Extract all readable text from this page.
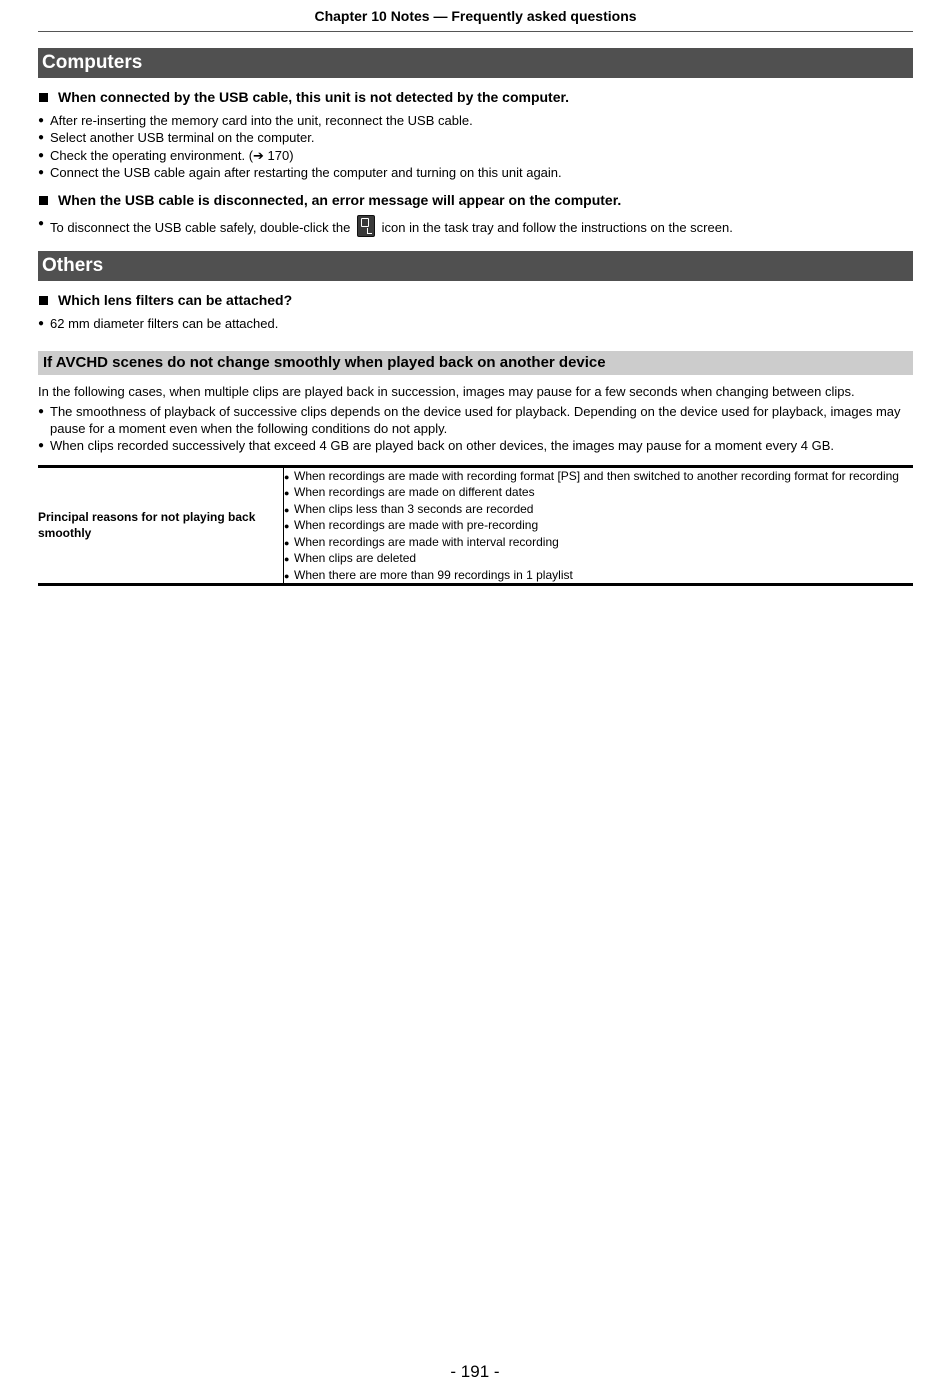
Chapter 10 Notes — Frequently asked questions
Computers
When connected by the USB cable, this unit is not detected by the computer.
● After re-inserting the memory card into the unit, reconnect the USB cable.
● Select another USB terminal on the computer.
● Check the operating environment. (➔ 170)
● Connect the USB cable again after restarting the computer and turning on this unit again.
When the USB cable is disconnected, an error message will appear on the computer.
● To disconnect the USB cable safely, double-click the icon in the task tray and follow the instructions on the screen.
Others
Which lens filters can be attached?
● 62 mm diameter filters can be attached.
If AVCHD scenes do not change smoothly when played back on another device
In the following cases, when multiple clips are played back in succession, images may pause for a few seconds when changing between clips.
● The smoothness of playback of successive clips depends on the device used for playback. Depending on the device used for playback, images may pause for a moment even when the following conditions do not apply.
● When clips recorded successively that exceed 4 GB are played back on other devices, the images may pause for a moment every 4 GB.
Principal reasons for not playing back smoothly	
● When recordings are made with recording format [PS] and then switched to another recording format for recording
● When recordings are made on different dates
● When clips less than 3 seconds are recorded
● When recordings are made with pre-recording
● When recordings are made with interval recording
● When clips are deleted
● When there are more than 99 recordings in 1 playlist
- 191 -
